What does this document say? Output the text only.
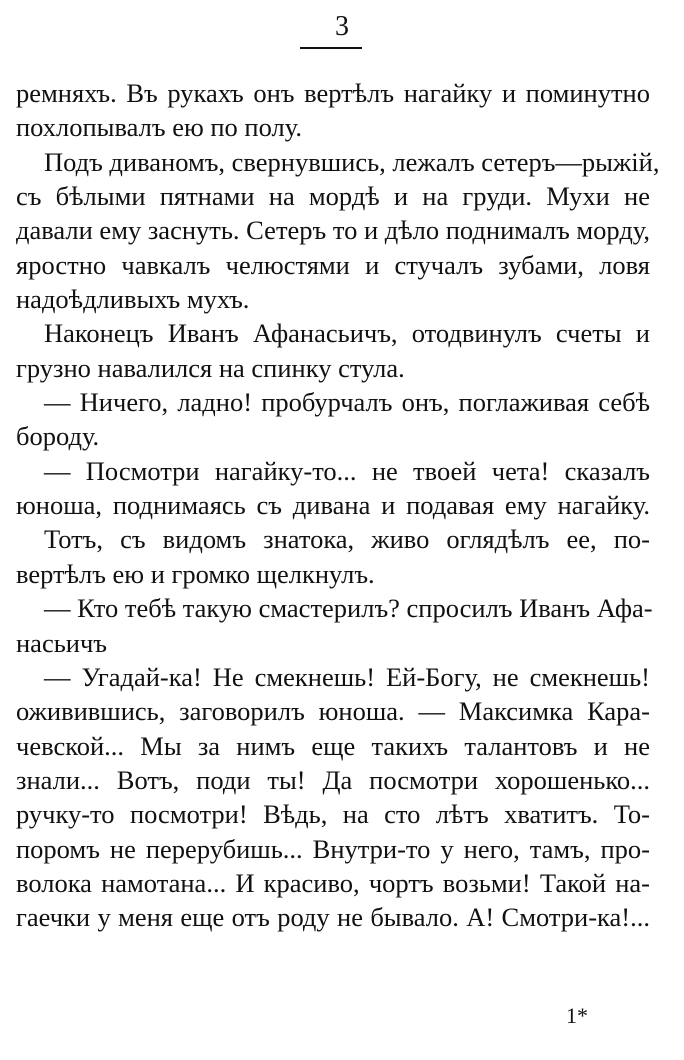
3
ремняхъ. Въ рукахъ онъ вертѣлъ нагайку и поминутно
похлопывалъ ею по полу.
Подъ диваномъ, свернувшись, лежалъ сетеръ—рыжій,
съ бѣлыми пятнами на мордѣ и на груди. Мухи не
давали ему заснуть. Сетеръ то и дѣло поднималъ морду,
яростно чавкалъ челюстями и стучалъ зубами, ловя
надоѣдливыхъ мухъ.
Наконецъ Иванъ Афанасьичъ, отодвинулъ счеты и
грузно навалился на спинку стула.
— Ничего, ладно! пробурчалъ онъ, поглаживая себѣ
бороду.
— Посмотри нагайку-то... не твоей чета! сказалъ
юноша, поднимаясь съ дивана и подавая ему нагайку.
Тотъ, съ видомъ знатока, живо оглядѣлъ ее, по-
вертѣлъ ею и громко щелкнулъ.
— Кто тебѣ такую смастерилъ? спросилъ Иванъ Афа-
насьичъ
— Угадай-ка! Не смекнешь! Ей-Богу, не смекнешь!
оживившись, заговорилъ юноша. — Максимка Кара-
чевской... Мы за нимъ еще такихъ талантовъ и не
знали... Вотъ, поди ты! Да посмотри хорошенько...
ручку-то посмотри! Вѣдь, на сто лѣтъ хватитъ. То-
поромъ не перерубишь... Внутри-то у него, тамъ, про-
волока намотана... И красиво, чортъ возьми! Такой на-
гаечки у меня еще отъ роду не бывало. А! Смотри-ка!...
1*
